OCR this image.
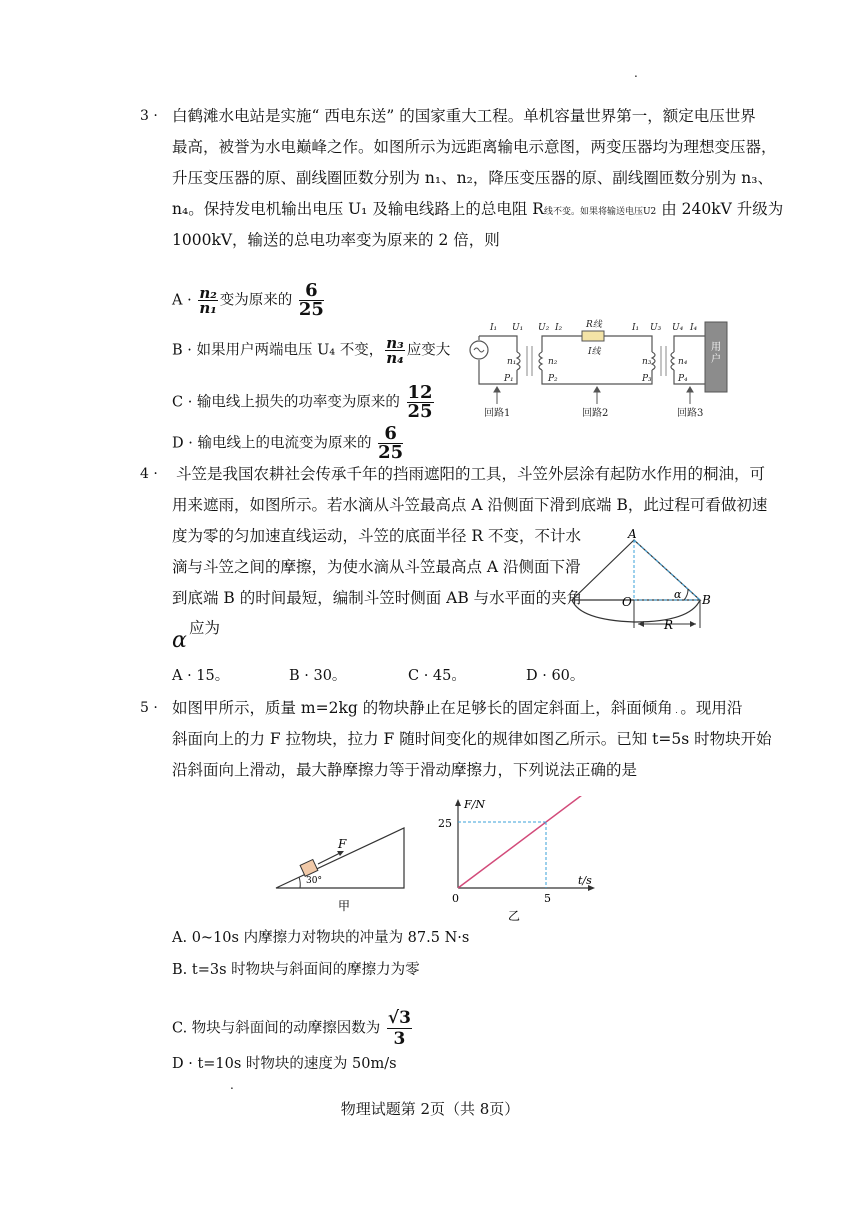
.
3 · 白鹤滩水电站是实施“ 西电东送” 的国家重大工程。单机容量世界第一，额定电压世界
最高，被誉为水电巅峰之作。如图所示为远距离输电示意图，两变压器均为理想变压器，
升压变压器的原、副线圈匝数分别为 n₁、n₂，降压变压器的原、副线圈匝数分别为 n₃、
n₄。保持发电机输出电压 U₁ 及输电线路上的总电阻 R线不变。如果将输送电压U2 由 240kV 升级为
1000kV，输送的总电功率变为原来的 2 倍，则
$A \cdot \frac{\text{n₂}}{\text{n₁}}$ 变为原来的 $\frac{6}{25}$
B · 如果用户两端电压 U₄ 不变， $\frac{\text{n₃}}{\text{n₄}}$ 应变大
C · 输电线上损失的功率变为原来的 $\frac{12}{25}$
D · 输电线上的电流变为原来的 $\frac{6}{25}$
用
户
I₁ U₁ U₂ I₂	R线
I线
I₁ U₃ U₄ I₄
n₁	n₂	n₃	n₄
P₁	P₂	P₃	P₄
回路1	回路2	回路3
4 · 斗笠是我国农耕社会传承千年的挡雨遮阳的工具，斗笠外层涂有起防水作用的桐油，可
用来遮雨，如图所示。若水滴从斗笠最高点 A 沿侧面下滑到底端 B，此过程可看做初速
度为零的匀加速直线运动，斗笠的底面半径 R 不变，不计水
滴与斗笠之间的摩擦，为使水滴从斗笠最高点 A 沿侧面下滑
到底端 B 的时间最短，编制斗笠时侧面 AB 与水平面的夹角
α 应为
A
B
O
α
R
A · 15。	B · 30。	C · 45。	D · 60。
5 · 如图甲所示，质量 m=2kg 的物块静止在足够长的固定斜面上，斜面倾角 . 。现用沿
斜面向上的力 F 拉物块，拉力 F 随时间变化的规律如图乙所示。已知 t=5s 时物块开始
沿斜面向上滑动，最大静摩擦力等于滑动摩擦力，下列说法正确的是
F
30°
甲
F/N
t/s
25
5
0
乙
A. 0~10s 内摩擦力对物块的冲量为 87.5 N·s
B. t=3s 时物块与斜面间的摩擦力为零
C. 物块与斜面间的动摩擦因数为 $\frac{√3}{3}$
D · t=10s 时物块的速度为 50m/s
.
物理试题第 2页（共 8页）
